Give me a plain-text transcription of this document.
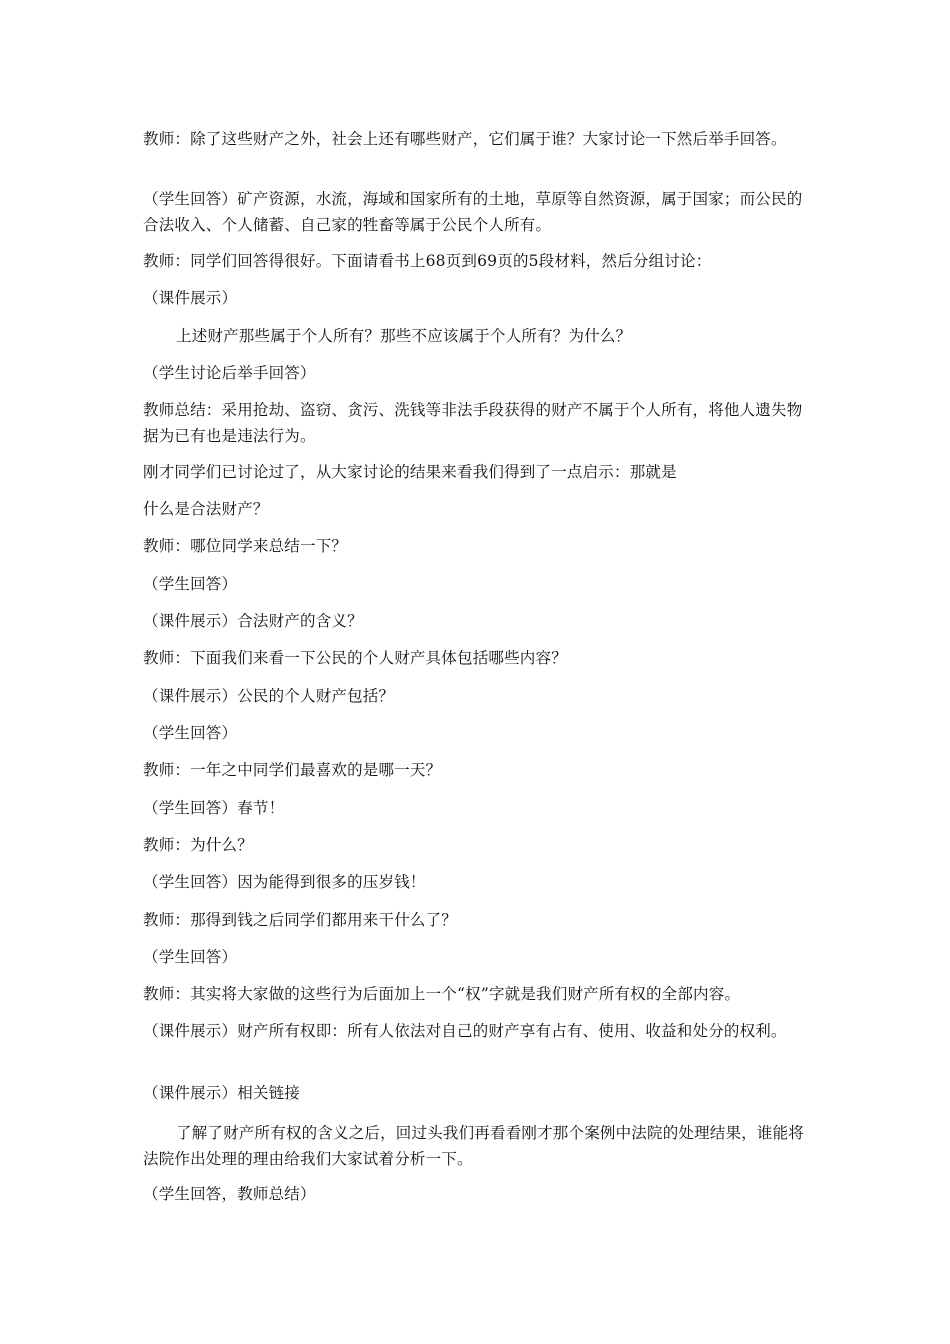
教师：除了这些财产之外，社会上还有哪些财产，它们属于谁？大家讨论一下然后举手回答。

（学生回答）矿产资源，水流，海域和国家所有的土地，草原等自然资源，属于国家；而公民的合法收入、个人储蓄、自己家的牲畜等属于公民个人所有。

教师：同学们回答得很好。下面请看书上68页到69页的5段材料，然后分组讨论：

（课件展示）

上述财产那些属于个人所有？那些不应该属于个人所有？为什么？

（学生讨论后举手回答）

教师总结：采用抢劫、盗窃、贪污、洗钱等非法手段获得的财产不属于个人所有，将他人遗失物据为已有也是违法行为。

刚才同学们已讨论过了，从大家讨论的结果来看我们得到了一点启示：那就是

什么是合法财产？

教师：哪位同学来总结一下？

（学生回答）

（课件展示）合法财产的含义？

教师：下面我们来看一下公民的个人财产具体包括哪些内容？

（课件展示）公民的个人财产包括？

（学生回答）

教师：一年之中同学们最喜欢的是哪一天？

（学生回答）春节！

教师：为什么？

（学生回答）因为能得到很多的压岁钱！

教师：那得到钱之后同学们都用来干什么了？

（学生回答）

教师：其实将大家做的这些行为后面加上一个“权”字就是我们财产所有权的全部内容。

（课件展示）财产所有权即：所有人依法对自己的财产享有占有、使用、收益和处分的权利。

（课件展示）相关链接

了解了财产所有权的含义之后，回过头我们再看看刚才那个案例中法院的处理结果，谁能将法院作出处理的理由给我们大家试着分析一下。

（学生回答，教师总结）
